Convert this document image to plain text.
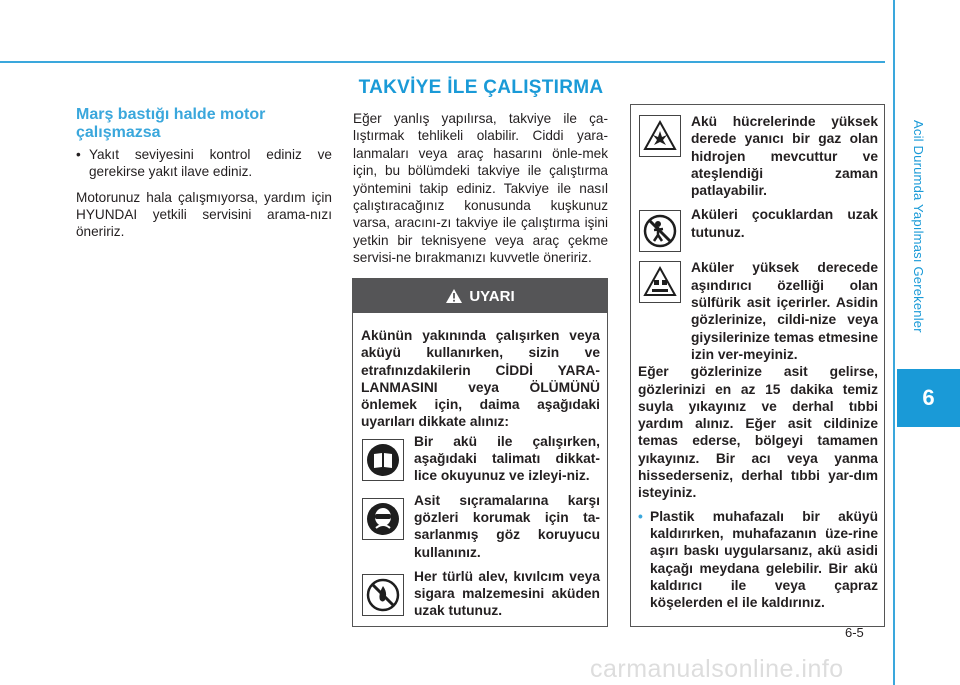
Acil Durumda Yapılması Gerekenler
6
TAKVİYE İLE ÇALIŞTIRMA
Marş bastığı halde motor çalışmazsa

• Yakıt seviyesini kontrol ediniz ve gerekirse yakıt ilave ediniz.

Motorunuz hala çalışmıyorsa, yardım için HYUNDAI yetkili servisini arama-nızı öneririz.

Eğer yanlış yapılırsa, takviye ile ça-lıştırmak tehlikeli olabilir. Ciddi yara-lanmaları veya araç hasarını önle-mek için, bu bölümdeki takviye ile çalıştırma yöntemini takip ediniz. Takviye ile nasıl çalıştıracağınız konusunda kuşkunuz varsa, aracını-zı takviye ile çalıştırma işini yetkin bir teknisyene veya araç çekme servisi-ne bırakmanızı kuvvetle öneririz.
UYARI

Akünün yakınında çalışırken veya aküyü kullanırken, sizin ve etrafınızdakilerin CİDDİ YARA-LANMASINI veya ÖLÜMÜNÜ önlemek için, daima aşağıdaki uyarıları dikkate alınız:

Bir akü ile çalışırken, aşağıdaki talimatı dikkat-lice okuyunuz ve izleyi-niz.
Asit sıçramalarına karşı gözleri korumak için ta-sarlanmış göz koruyucu kullanınız.
Her türlü alev, kıvılcım veya sigara malzemesini aküden uzak tutunuz.
Akü hücrelerinde yüksek derede yanıcı bir gaz olan hidrojen mevcuttur ve ateşlendiği zaman patlayabilir.
Aküleri çocuklardan uzak tutunuz.
Aküler yüksek derecede aşındırıcı özelliği olan sülfürik asit içerirler. Asidin gözlerinize, cildi-nize veya giysilerinize temas etmesine izin ver-meyiniz.

Eğer gözlerinize asit gelirse, gözlerinizi en az 15 dakika temiz suyla yıkayınız ve derhal tıbbi yardım alınız. Eğer asit cildinize temas ederse, bölgeyi tamamen yıkayınız. Bir acı veya yanma hissederseniz, derhal tıbbi yar-dım isteyiniz.

• Plastik muhafazalı bir aküyü kaldırırken, muhafazanın üze-rine aşırı baskı uygularsanız, akü asidi kaçağı meydana gelebilir. Bir akü kaldırıcı ile veya çapraz köşelerden el ile kaldırınız.
6-5
carmanualsonline.info
